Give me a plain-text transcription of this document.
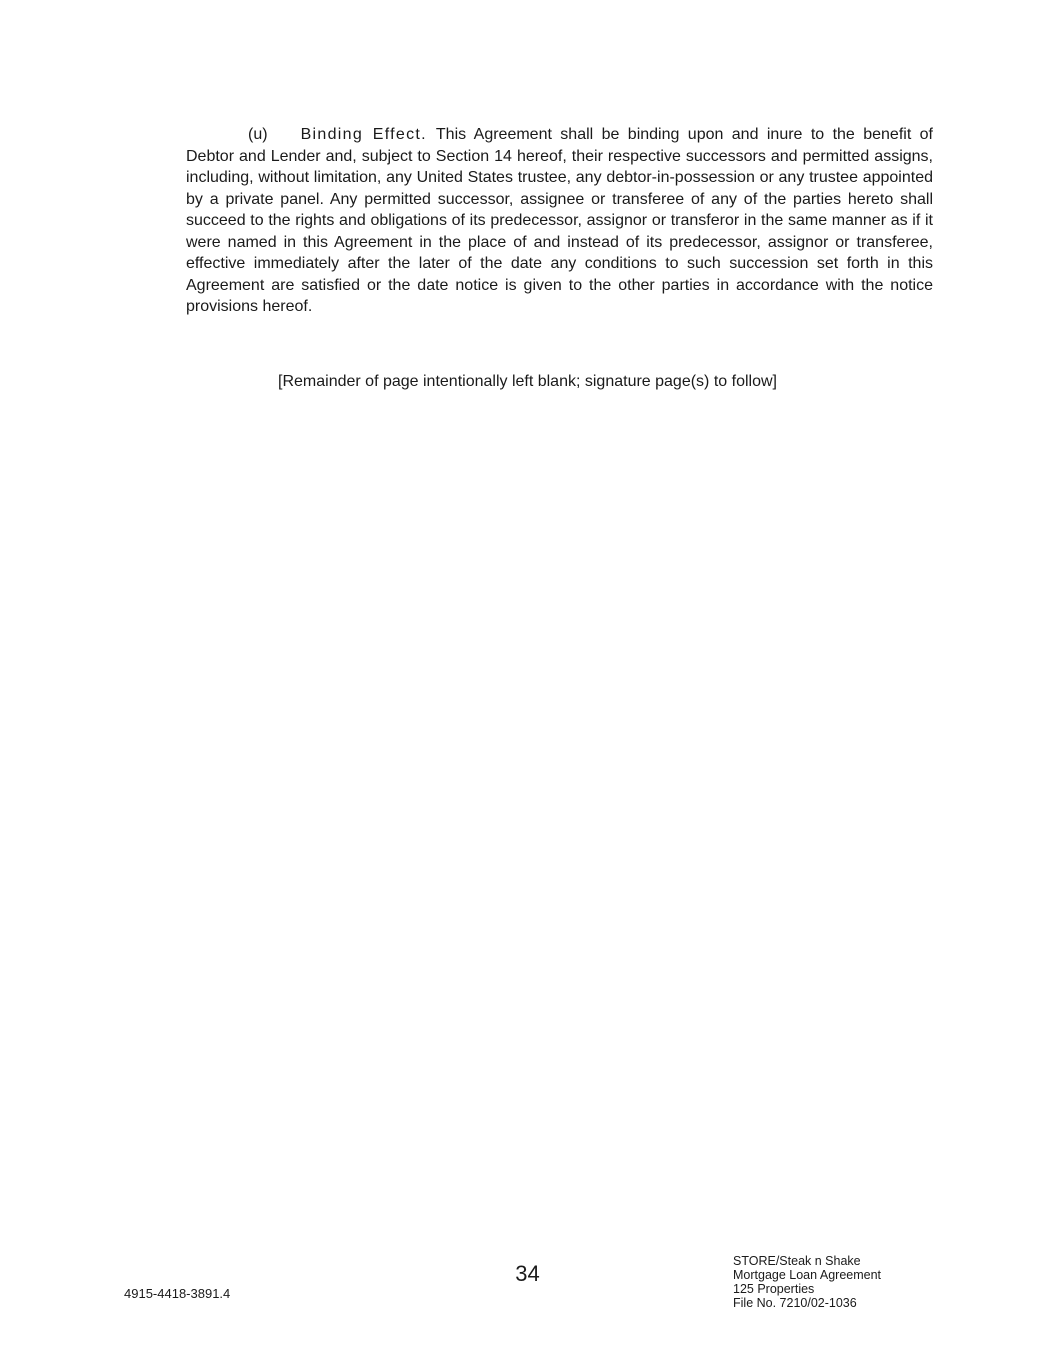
(u) Binding Effect. This Agreement shall be binding upon and inure to the benefit of Debtor and Lender and, subject to Section 14 hereof, their respective successors and permitted assigns, including, without limitation, any United States trustee, any debtor-in-possession or any trustee appointed by a private panel. Any permitted successor, assignee or transferee of any of the parties hereto shall succeed to the rights and obligations of its predecessor, assignor or transferor in the same manner as if it were named in this Agreement in the place of and instead of its predecessor, assignor or transferee, effective immediately after the later of the date any conditions to such succession set forth in this Agreement are satisfied or the date notice is given to the other parties in accordance with the notice provisions hereof.

[Remainder of page intentionally left blank; signature page(s) to follow]

4915-4418-3891.4
34	STORE/Steak n Shake
Mortgage Loan Agreement
125 Properties
File No. 7210/02-1036
